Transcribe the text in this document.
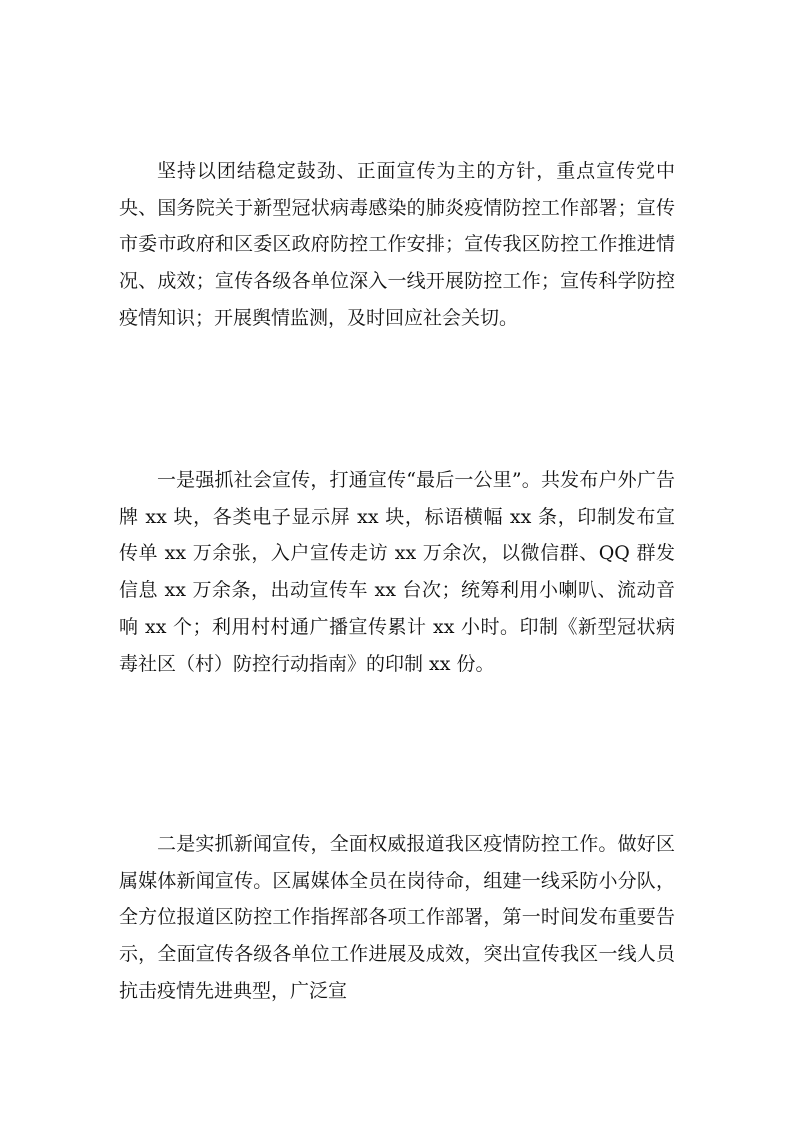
坚持以团结稳定鼓劲、正面宣传为主的方针，重点宣传党中央、国务院关于新型冠状病毒感染的肺炎疫情防控工作部署；宣传市委市政府和区委区政府防控工作安排；宣传我区防控工作推进情况、成效；宣传各级各单位深入一线开展防控工作；宣传科学防控疫情知识；开展舆情监测，及时回应社会关切。

一是强抓社会宣传，打通宣传“最后一公里”。共发布户外广告牌 xx 块，各类电子显示屏 xx 块，标语横幅 xx 条，印制发布宣传单 xx 万余张，入户宣传走访 xx 万余次，以微信群、QQ 群发信息 xx 万余条，出动宣传车 xx 台次；统筹利用小喇叭、流动音响 xx 个；利用村村通广播宣传累计 xx 小时。印制《新型冠状病毒社区（村）防控行动指南》的印制 xx 份。

二是实抓新闻宣传，全面权威报道我区疫情防控工作。做好区属媒体新闻宣传。区属媒体全员在岗待命，组建一线采防小分队，全方位报道区防控工作指挥部各项工作部署，第一时间发布重要告示，全面宣传各级各单位工作进展及成效，突出宣传我区一线人员抗击疫情先进典型，广泛宣
